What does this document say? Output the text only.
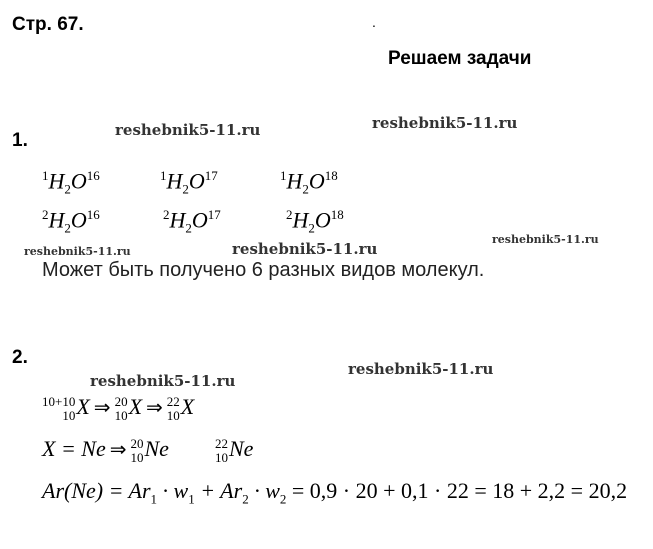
Стр. 67.	.
Решаем задачи
1.	reshebnik5-11.ru	reshebnik5-11.ru
$^1H_2O^{16}$	$^1H_2O^{17}$	$^1H_2O^{18}$
$^2H_2O^{16}$	$^2H_2O^{17}$	$^2H_2O^{18}$
reshebnik5-11.ru	reshebnik5-11.ru
reshebnik5-11.ru
Может быть получено 6 разных видов молекул.
2.
reshebnik5-11.ru
reshebnik5-11.ru
10+10
10 X ⇒ 20
10 X ⇒ 22
10 X
X = Ne ⇒ 20
10 Ne	22
10 Ne
$Ar(Ne) = Ar_1 \cdot w_1 + Ar_2 \cdot w_2 = 0,9 \cdot 20 + 0,1 \cdot 22 = 18 + 2,2 = 20,2$
